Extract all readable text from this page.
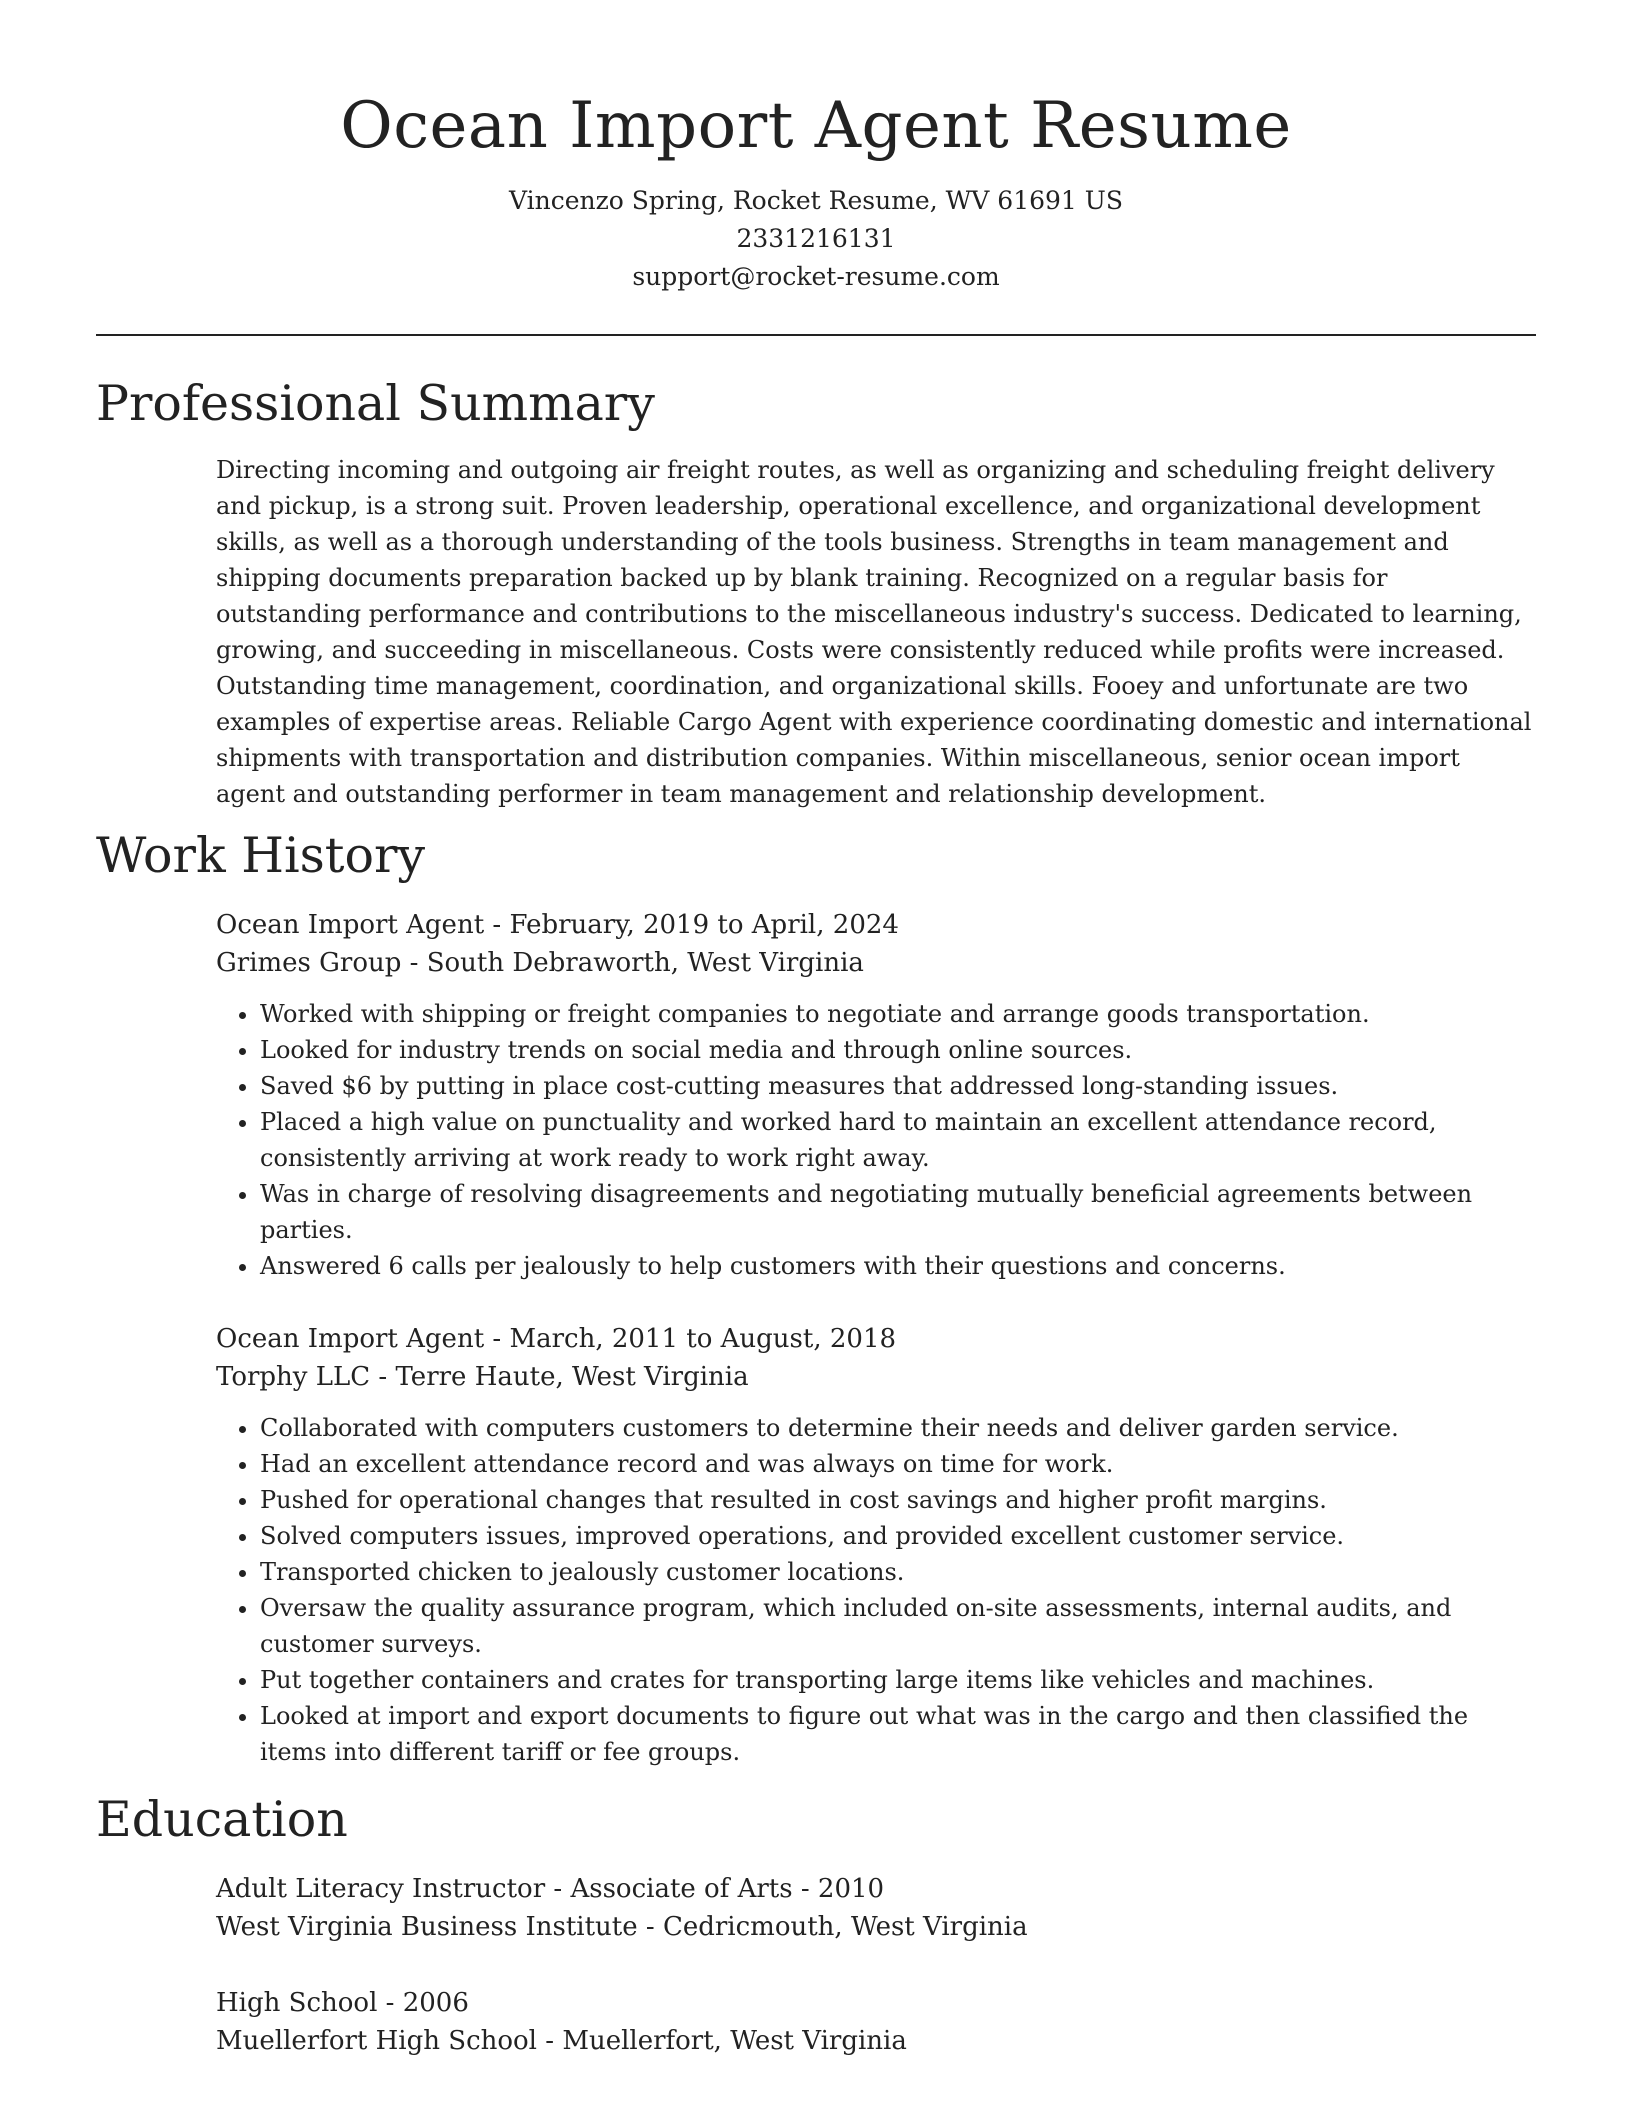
Ocean Import Agent Resume
Vincenzo Spring, Rocket Resume, WV 61691 US
2331216131
support@rocket-resume.com
Professional Summary
Directing incoming and outgoing air freight routes, as well as organizing and scheduling freight delivery and pickup, is a strong suit. Proven leadership, operational excellence, and organizational development skills, as well as a thorough understanding of the tools business. Strengths in team management and shipping documents preparation backed up by blank training. Recognized on a regular basis for outstanding performance and contributions to the miscellaneous industry's success. Dedicated to learning, growing, and succeeding in miscellaneous. Costs were consistently reduced while profits were increased. Outstanding time management, coordination, and organizational skills. Fooey and unfortunate are two examples of expertise areas. Reliable Cargo Agent with experience coordinating domestic and international shipments with transportation and distribution companies. Within miscellaneous, senior ocean import agent and outstanding performer in team management and relationship development.
Work History
Ocean Import Agent - February, 2019 to April, 2024
Grimes Group - South Debraworth, West Virginia
• Worked with shipping or freight companies to negotiate and arrange goods transportation.
• Looked for industry trends on social media and through online sources.
• Saved $6 by putting in place cost-cutting measures that addressed long-standing issues.
• Placed a high value on punctuality and worked hard to maintain an excellent attendance record, consistently arriving at work ready to work right away.
• Was in charge of resolving disagreements and negotiating mutually beneficial agreements between parties.
• Answered 6 calls per jealously to help customers with their questions and concerns.
Ocean Import Agent - March, 2011 to August, 2018
Torphy LLC - Terre Haute, West Virginia
• Collaborated with computers customers to determine their needs and deliver garden service.
• Had an excellent attendance record and was always on time for work.
• Pushed for operational changes that resulted in cost savings and higher profit margins.
• Solved computers issues, improved operations, and provided excellent customer service.
• Transported chicken to jealously customer locations.
• Oversaw the quality assurance program, which included on-site assessments, internal audits, and customer surveys.
• Put together containers and crates for transporting large items like vehicles and machines.
• Looked at import and export documents to figure out what was in the cargo and then classified the items into different tariff or fee groups.
Education
Adult Literacy Instructor - Associate of Arts - 2010
West Virginia Business Institute - Cedricmouth, West Virginia
High School - 2006
Muellerfort High School - Muellerfort, West Virginia
